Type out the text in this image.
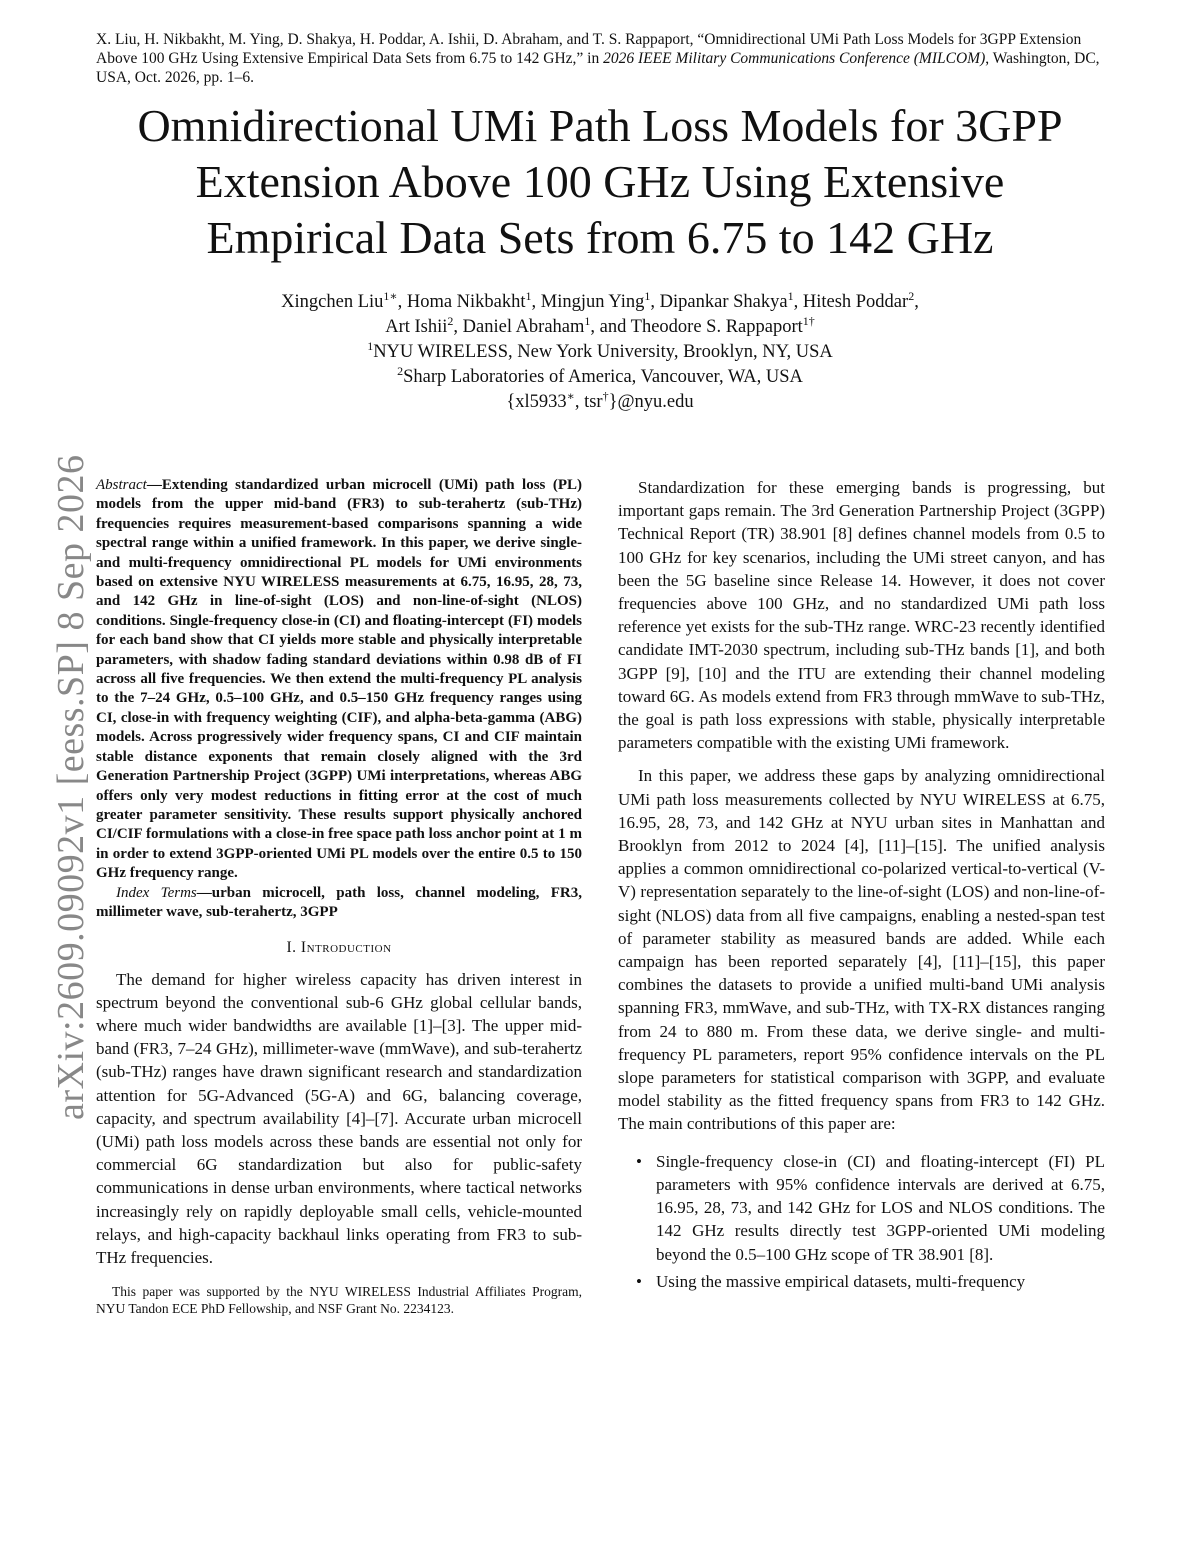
X. Liu, H. Nikbakht, M. Ying, D. Shakya, H. Poddar, A. Ishii, D. Abraham, and T. S. Rappaport, “Omnidirectional UMi Path Loss Models for 3GPP Extension Above 100 GHz Using Extensive Empirical Data Sets from 6.75 to 142 GHz,” in 2026 IEEE Military Communications Conference (MILCOM), Washington, DC, USA, Oct. 2026, pp. 1–6.
Omnidirectional UMi Path Loss Models for 3GPP
Extension Above 100 GHz Using Extensive
Empirical Data Sets from 6.75 to 142 GHz
Xingchen Liu$^{1∗}$, Homa Nikbakht$^1$, Mingjun Ying$^1$, Dipankar Shakya$^1$, Hitesh Poddar$^2$,
Art Ishii$^2$, Daniel Abraham$^1$, and Theodore S. Rappaport$^{1\dagger}$
$^1$NYU WIRELESS, New York University, Brooklyn, NY, USA
$^2$Sharp Laboratories of America, Vancouver, WA, USA
{xl5933∗, tsr†}@nyu.edu
arXiv:2609.09092v1 [eess.SP] 8 Sep 2026 Abstract—Extending standardized urban microcell (UMi) path loss (PL) models from the upper mid-band (FR3) to sub-terahertz (sub-THz) frequencies requires measurement-based comparisons spanning a wide spectral range within a unified framework. In this paper, we derive single- and multi-frequency omnidirectional PL models for UMi environments based on extensive NYU WIRELESS measurements at 6.75, 16.95, 28, 73, and 142 GHz in line-of-sight (LOS) and non-line-of-sight (NLOS) conditions. Single-frequency close-in (CI) and floating-intercept (FI) models for each band show that CI yields more stable and physically interpretable parameters, with shadow fading standard deviations within 0.98 dB of FI across all five frequencies. We then extend the multi-frequency PL analysis to the 7–24 GHz, 0.5–100 GHz, and 0.5–150 GHz frequency ranges using CI, close-in with frequency weighting (CIF), and alpha-beta-gamma (ABG) models. Across progressively wider frequency spans, CI and CIF maintain stable distance exponents that remain closely aligned with the 3rd Generation Partnership Project (3GPP) UMi interpretations, whereas ABG offers only very modest reductions in fitting error at the cost of much greater parameter sensitivity. These results support physically anchored CI/CIF formulations with a close-in free space path loss anchor point at 1 m in order to extend 3GPP-oriented UMi PL models over the entire 0.5 to 150 GHz frequency range.
Index Terms—urban microcell, path loss, channel modeling, FR3, millimeter wave, sub-terahertz, 3GPP
I. Introduction

The demand for higher wireless capacity has driven interest in spectrum beyond the conventional sub-6 GHz global cellular bands, where much wider bandwidths are available [1]–[3]. The upper mid-band (FR3, 7–24 GHz), millimeter-wave (mmWave), and sub-terahertz (sub-THz) ranges have drawn significant research and standardization attention for 5G-Advanced (5G-A) and 6G, balancing coverage, capacity, and spectrum availability [4]–[7]. Accurate urban microcell (UMi) path loss models across these bands are essential not only for commercial 6G standardization but also for public-safety communications in dense urban environments, where tactical networks increasingly rely on rapidly deployable small cells, vehicle-mounted relays, and high-capacity backhaul links operating from FR3 to sub-THz frequencies.

This paper was supported by the NYU WIRELESS Industrial Affiliates Program, NYU Tandon ECE PhD Fellowship, and NSF Grant No. 2234123.

Standardization for these emerging bands is progressing, but important gaps remain. The 3rd Generation Partnership Project (3GPP) Technical Report (TR) 38.901 [8] defines channel models from 0.5 to 100 GHz for key scenarios, including the UMi street canyon, and has been the 5G baseline since Release 14. However, it does not cover frequencies above 100 GHz, and no standardized UMi path loss reference yet exists for the sub-THz range. WRC-23 recently identified candidate IMT-2030 spectrum, including sub-THz bands [1], and both 3GPP [9], [10] and the ITU are extending their channel modeling toward 6G. As models extend from FR3 through mmWave to sub-THz, the goal is path loss expressions with stable, physically interpretable parameters compatible with the existing UMi framework.

In this paper, we address these gaps by analyzing omnidirectional UMi path loss measurements collected by NYU WIRELESS at 6.75, 16.95, 28, 73, and 142 GHz at NYU urban sites in Manhattan and Brooklyn from 2012 to 2024 [4], [11]–[15]. The unified analysis applies a common omnidirectional co-polarized vertical-to-vertical (V-V) representation separately to the line-of-sight (LOS) and non-line-of-sight (NLOS) data from all five campaigns, enabling a nested-span test of parameter stability as measured bands are added. While each campaign has been reported separately [4], [11]–[15], this paper combines the datasets to provide a unified multi-band UMi analysis spanning FR3, mmWave, and sub-THz, with TX-RX distances ranging from 24 to 880 m. From these data, we derive single- and multi-frequency PL parameters, report 95% confidence intervals on the PL slope parameters for statistical comparison with 3GPP, and evaluate model stability as the fitted frequency spans from FR3 to 142 GHz. The main contributions of this paper are:

• Single-frequency close-in (CI) and floating-intercept (FI) PL parameters with 95% confidence intervals are derived at 6.75, 16.95, 28, 73, and 142 GHz for LOS and NLOS conditions. The 142 GHz results directly test 3GPP-oriented UMi modeling beyond the 0.5–100 GHz scope of TR 38.901 [8].
• Using the massive empirical datasets, multi-frequency
